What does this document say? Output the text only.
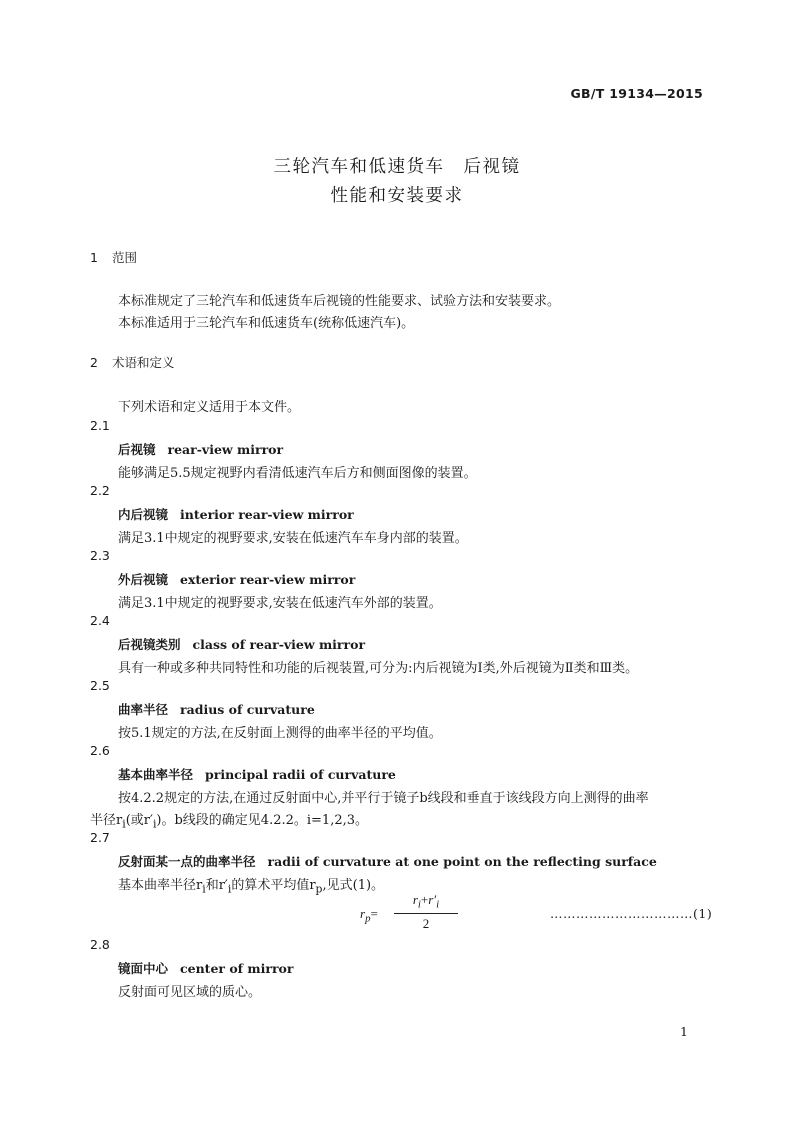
GB/T 19134—2015
三轮汽车和低速货车　后视镜
性能和安装要求
1 范围
本标准规定了三轮汽车和低速货车后视镜的性能要求、试验方法和安装要求。
本标准适用于三轮汽车和低速货车(统称低速汽车)。
2 术语和定义
下列术语和定义适用于本文件。
2.1
后视镜 rear-view mirror
能够满足5.5规定视野内看清低速汽车后方和侧面图像的装置。
2.2
内后视镜 interior rear-view mirror
满足3.1中规定的视野要求,安装在低速汽车车身内部的装置。
2.3
外后视镜 exterior rear-view mirror
满足3.1中规定的视野要求,安装在低速汽车外部的装置。
2.4
后视镜类别 class of rear-view mirror
具有一种或多种共同特性和功能的后视装置,可分为:内后视镜为Ⅰ类,外后视镜为Ⅱ类和Ⅲ类。
2.5
曲率半径 radius of curvature
按5.1规定的方法,在反射面上测得的曲率半径的平均值。
2.6
基本曲率半径 principal radii of curvature
按4.2.2规定的方法,在通过反射面中心,并平行于镜子b线段和垂直于该线段方向上测得的曲率
半径$r_i$(或$r'_i$)。b线段的确定见4.2.2。i=1,2,3。
2.7
反射面某一点的曲率半径 radii of curvature at one point on the reflecting surface
基本曲率半径$r_i$和$r'_i$的算术平均值$r_p$,见式(1)。
$r_p= \frac{r_i+r'_i}{2}$	……………………………(1)
2.8
镜面中心 center of mirror
反射面可见区域的质心。
1
